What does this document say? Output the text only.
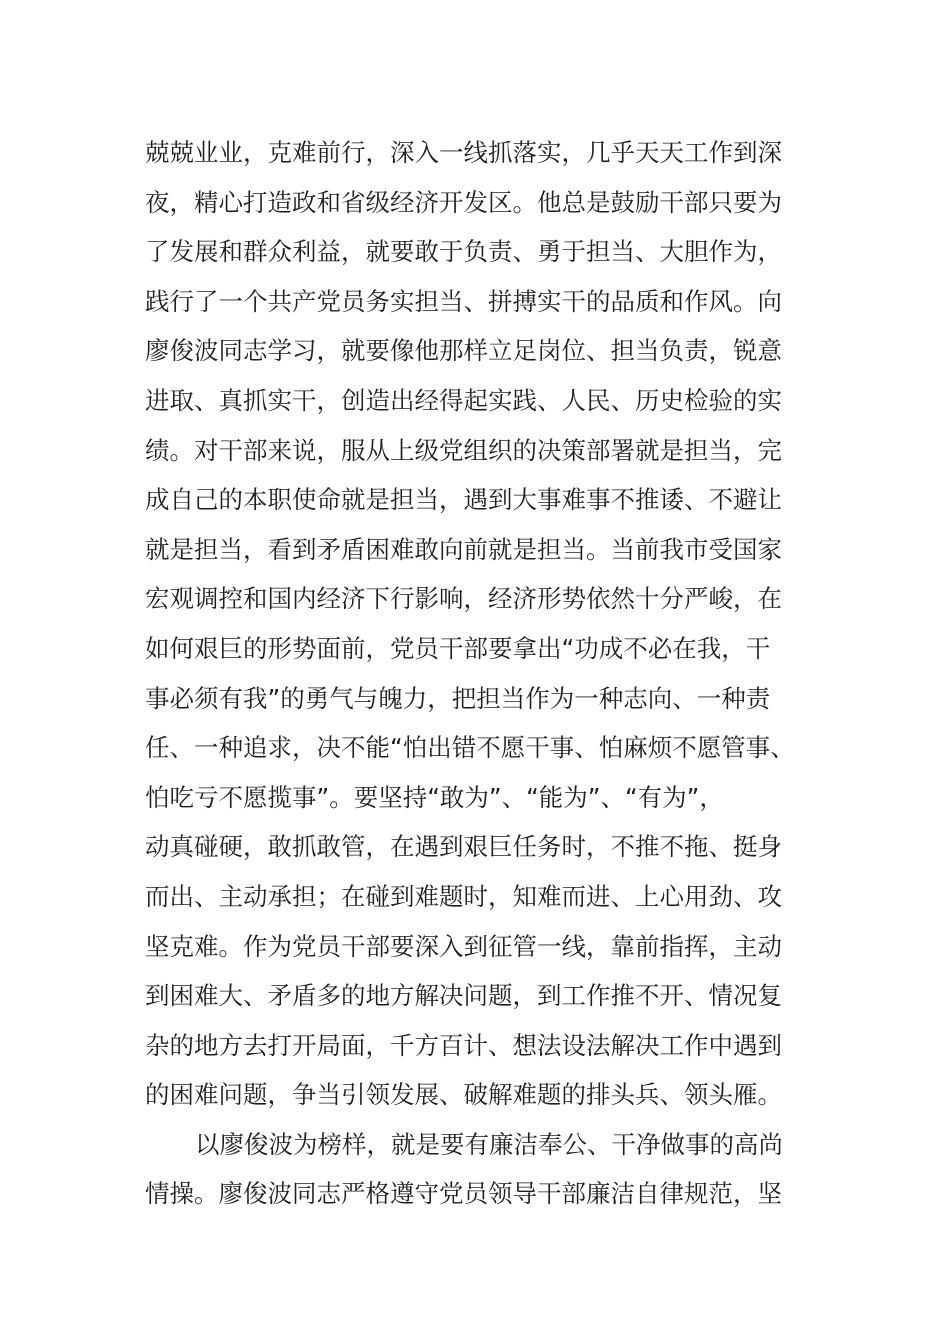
兢兢业业，克难前行，深入一线抓落实，几乎天天工作到深
夜，精心打造政和省级经济开发区。他总是鼓励干部只要为
了发展和群众利益，就要敢于负责、勇于担当、大胆作为，
践行了一个共产党员务实担当、拼搏实干的品质和作风。向
廖俊波同志学习，就要像他那样立足岗位、担当负责，锐意
进取、真抓实干，创造出经得起实践、人民、历史检验的实
绩。对干部来说，服从上级党组织的决策部署就是担当，完
成自己的本职使命就是担当，遇到大事难事不推诿、不避让
就是担当，看到矛盾困难敢向前就是担当。当前我市受国家
宏观调控和国内经济下行影响，经济形势依然十分严峻，在
如何艰巨的形势面前，党员干部要拿出“功成不必在我，干
事必须有我”的勇气与魄力，把担当作为一种志向、一种责
任、一种追求，决不能“怕出错不愿干事、怕麻烦不愿管事、
怕吃亏不愿揽事”。要坚持“敢为”、“能为”、“有为”，
动真碰硬，敢抓敢管，在遇到艰巨任务时，不推不拖、挺身
而出、主动承担；在碰到难题时，知难而进、上心用劲、攻
坚克难。作为党员干部要深入到征管一线，靠前指挥，主动
到困难大、矛盾多的地方解决问题，到工作推不开、情况复
杂的地方去打开局面，千方百计、想法设法解决工作中遇到
的困难问题，争当引领发展、破解难题的排头兵、领头雁。
以廖俊波为榜样，就是要有廉洁奉公、干净做事的高尚
情操。廖俊波同志严格遵守党员领导干部廉洁自律规范，坚
